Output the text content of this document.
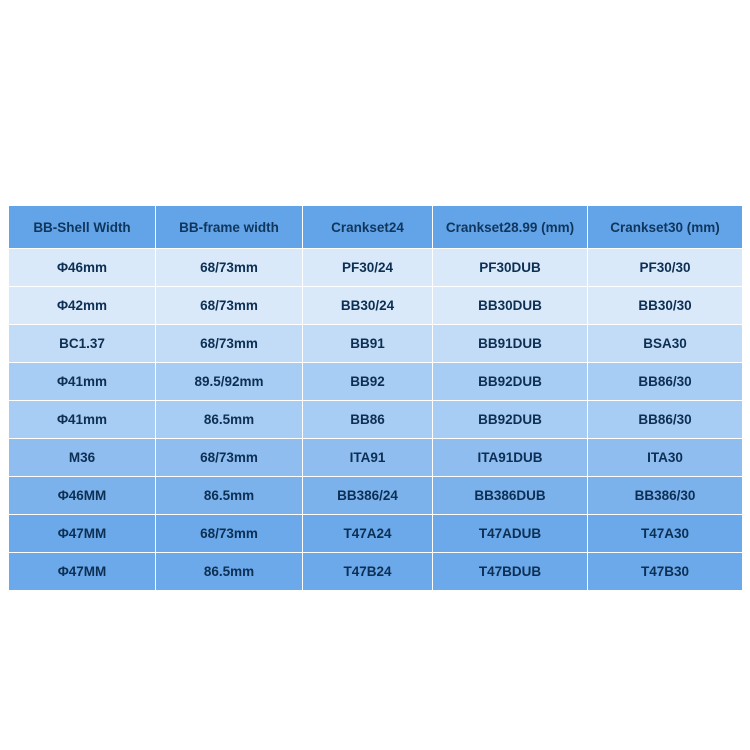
BB-Shell Width	BB-frame width	Crankset24	Crankset28.99 (mm)	Crankset30 (mm)
Φ46mm	68/73mm	PF30/24	PF30DUB	PF30/30
Φ42mm	68/73mm	BB30/24	BB30DUB	BB30/30
BC1.37	68/73mm	BB91	BB91DUB	BSA30
Φ41mm	89.5/92mm	BB92	BB92DUB	BB86/30
Φ41mm	86.5mm	BB86	BB92DUB	BB86/30
M36	68/73mm	ITA91	ITA91DUB	ITA30
Φ46MM	86.5mm	BB386/24	BB386DUB	BB386/30
Φ47MM	68/73mm	T47A24	T47ADUB	T47A30
Φ47MM	86.5mm	T47B24	T47BDUB	T47B30
